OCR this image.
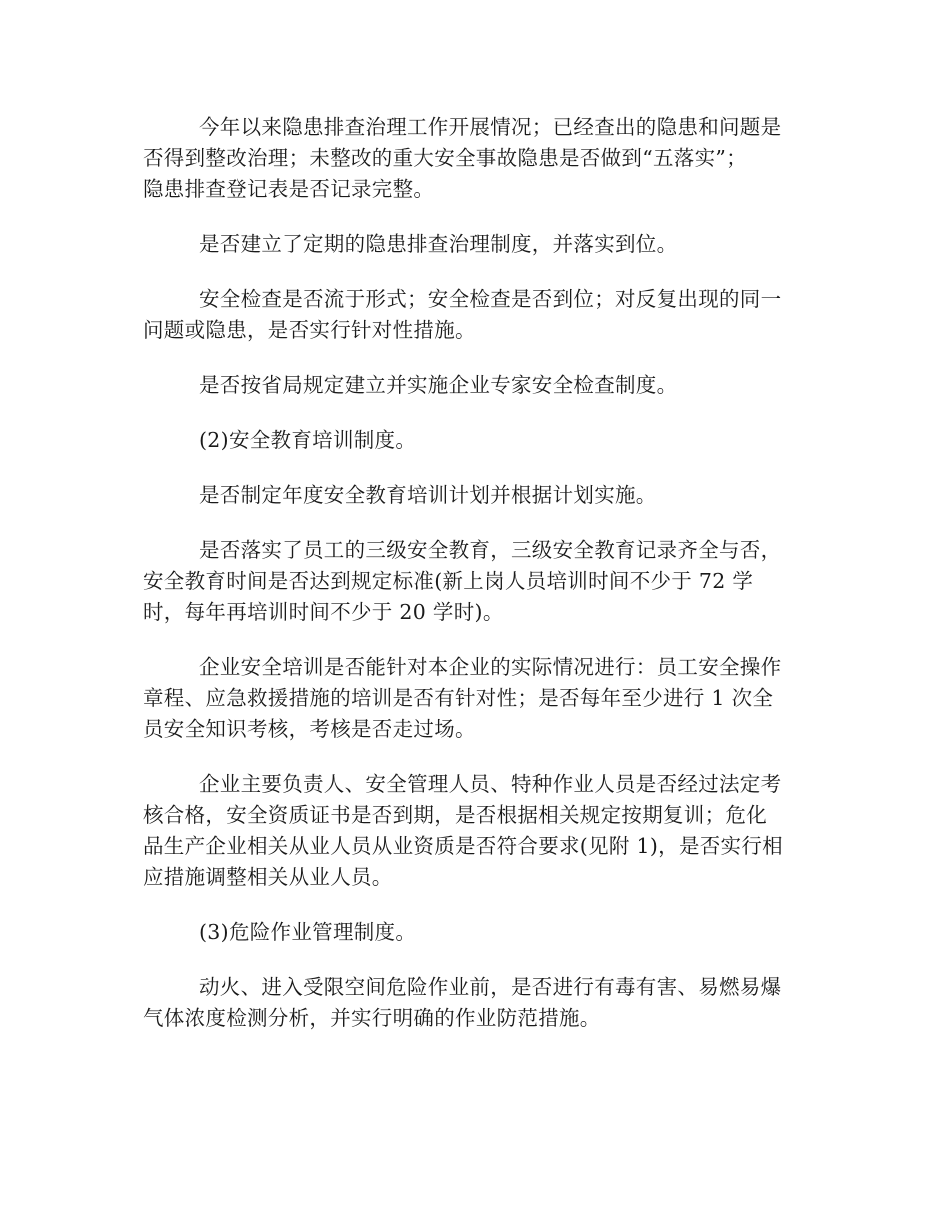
今年以来隐患排查治理工作开展情况；已经查出的隐患和问题是
否得到整改治理；未整改的重大安全事故隐患是否做到“五落实”；
隐患排查登记表是否记录完整。
是否建立了定期的隐患排查治理制度，并落实到位。
安全检查是否流于形式；安全检查是否到位；对反复出现的同一
问题或隐患，是否实行针对性措施。
是否按省局规定建立并实施企业专家安全检查制度。
(2)安全教育培训制度。
是否制定年度安全教育培训计划并根据计划实施。
是否落实了员工的三级安全教育，三级安全教育记录齐全与否，
安全教育时间是否达到规定标准(新上岗人员培训时间不少于 72 学
时，每年再培训时间不少于 20 学时)。
企业安全培训是否能针对本企业的实际情况进行：员工安全操作
章程、应急救援措施的培训是否有针对性；是否每年至少进行 1 次全
员安全知识考核，考核是否走过场。
企业主要负责人、安全管理人员、特种作业人员是否经过法定考
核合格，安全资质证书是否到期，是否根据相关规定按期复训；危化
品生产企业相关从业人员从业资质是否符合要求(见附 1)，是否实行相
应措施调整相关从业人员。
(3)危险作业管理制度。
动火、进入受限空间危险作业前，是否进行有毒有害、易燃易爆
气体浓度检测分析，并实行明确的作业防范措施。
